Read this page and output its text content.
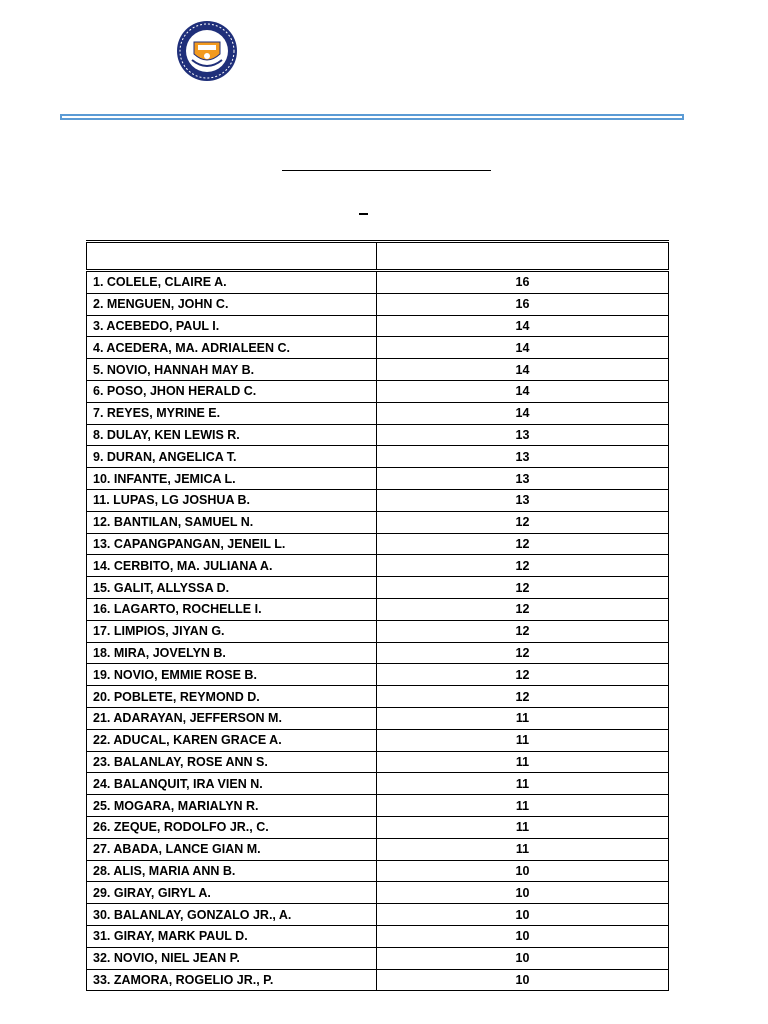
1. COLELE, CLAIRE A.	16
2. MENGUEN, JOHN C.	16
3. ACEBEDO, PAUL I.	14
4. ACEDERA, MA. ADRIALEEN C.	14
5. NOVIO, HANNAH MAY B.	14
6. POSO, JHON HERALD C.	14
7. REYES, MYRINE E.	14
8. DULAY, KEN LEWIS R.	13
9. DURAN, ANGELICA T.	13
10. INFANTE, JEMICA L.	13
11. LUPAS, LG JOSHUA B.	13
12. BANTILAN, SAMUEL N.	12
13. CAPANGPANGAN, JENEIL L.	12
14. CERBITO, MA. JULIANA A.	12
15. GALIT, ALLYSSA D.	12
16. LAGARTO, ROCHELLE I.	12
17. LIMPIOS, JIYAN G.	12
18. MIRA, JOVELYN B.	12
19. NOVIO, EMMIE ROSE B.	12
20. POBLETE, REYMOND D.	12
21. ADARAYAN, JEFFERSON M.	11
22. ADUCAL, KAREN GRACE A.	11
23. BALANLAY, ROSE ANN S.	11
24. BALANQUIT, IRA VIEN N.	11
25. MOGARA, MARIALYN R.	11
26. ZEQUE, RODOLFO JR., C.	11
27. ABADA, LANCE GIAN M.	11
28. ALIS, MARIA ANN B.	10
29. GIRAY, GIRYL A.	10
30. BALANLAY, GONZALO JR., A.	10
31. GIRAY, MARK PAUL D.	10
32. NOVIO, NIEL JEAN P.	10
33. ZAMORA, ROGELIO JR., P.	10
